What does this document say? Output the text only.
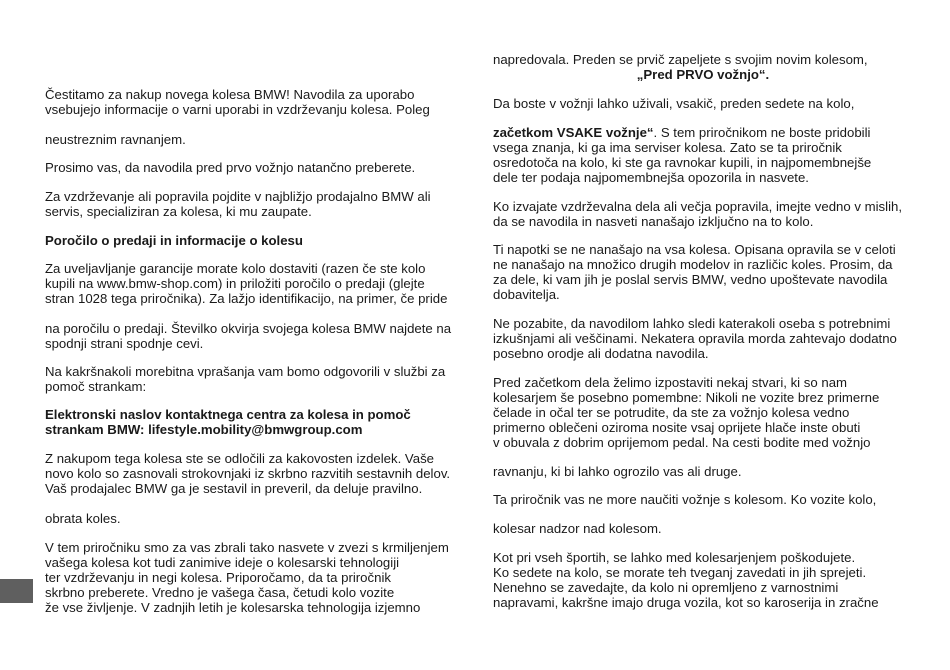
Čestitamo za nakup novega kolesa BMW! Navodila za uporabo
vsebujejo informacije o varni uporabi in vzdrževanju kolesa. Poleg
neustreznim ravnanjem.
Prosimo vas, da navodila pred prvo vožnjo natančno preberete.
Za vzdrževanje ali popravila pojdite v najbližjo prodajalno BMW ali
servis, specializiran za kolesa, ki mu zaupate.
Poročilo o predaji in informacije o kolesu
Za uveljavljanje garancije morate kolo dostaviti (razen če ste kolo
kupili na www.bmw-shop.com) in priložiti poročilo o predaji (glejte
stran 1028 tega priročnika). Za lažjo identifikacijo, na primer, če pride
na poročilu o predaji. Številko okvirja svojega kolesa BMW najdete na
spodnji strani spodnje cevi.
Na kakršnakoli morebitna vprašanja vam bomo odgovorili v službi za
pomoč strankam:
Elektronski naslov kontaktnega centra za kolesa in pomoč
strankam BMW: lifestyle.mobility@bmwgroup.com
Z nakupom tega kolesa ste se odločili za kakovosten izdelek. Vaše
novo kolo so zasnovali strokovnjaki iz skrbno razvitih sestavnih delov.
Vaš prodajalec BMW ga je sestavil in preveril, da deluje pravilno.
obrata koles.
V tem priročniku smo za vas zbrali tako nasvete v zvezi s krmiljenjem
vašega kolesa kot tudi zanimive ideje o kolesarski tehnologiji
ter vzdrževanju in negi kolesa. Priporočamo, da ta priročnik
skrbno preberete. Vredno je vašega časa, četudi kolo vozite
že vse življenje. V zadnjih letih je kolesarska tehnologija izjemno
napredovala. Preden se prvič zapeljete s svojim novim kolesom,
„Pred PRVO vožnjo“.
Da boste v vožnji lahko uživali, vsakič, preden sedete na kolo,
začetkom VSAKE vožnje“. S tem priročnikom ne boste pridobili
vsega znanja, ki ga ima serviser kolesa. Zato se ta priročnik
osredotoča na kolo, ki ste ga ravnokar kupili, in najpomembnejše
dele ter podaja najpomembnejša opozorila in nasvete.
Ko izvajate vzdrževalna dela ali večja popravila, imejte vedno v mislih,
da se navodila in nasveti nanašajo izključno na to kolo.
Ti napotki se ne nanašajo na vsa kolesa. Opisana opravila se v celoti
ne nanašajo na množico drugih modelov in različic koles. Prosim, da
za dele, ki vam jih je poslal servis BMW, vedno upoštevate navodila
dobavitelja.
Ne pozabite, da navodilom lahko sledi katerakoli oseba s potrebnimi
izkušnjami ali veščinami. Nekatera opravila morda zahtevajo dodatno
posebno orodje ali dodatna navodila.
Pred začetkom dela želimo izpostaviti nekaj stvari, ki so nam
kolesarjem še posebno pomembne: Nikoli ne vozite brez primerne
čelade in očal ter se potrudite, da ste za vožnjo kolesa vedno
primerno oblečeni oziroma nosite vsaj oprijete hlače inste obuti
v obuvala z dobrim oprijemom pedal. Na cesti bodite med vožnjo
ravnanju, ki bi lahko ogrozilo vas ali druge.
Ta priročnik vas ne more naučiti vožnje s kolesom. Ko vozite kolo,
kolesar nadzor nad kolesom.
Kot pri vseh športih, se lahko med kolesarjenjem poškodujete.
Ko sedete na kolo, se morate teh tveganj zavedati in jih sprejeti.
Nenehno se zavedajte, da kolo ni opremljeno z varnostnimi
napravami, kakršne imajo druga vozila, kot so karoserija in zračne
